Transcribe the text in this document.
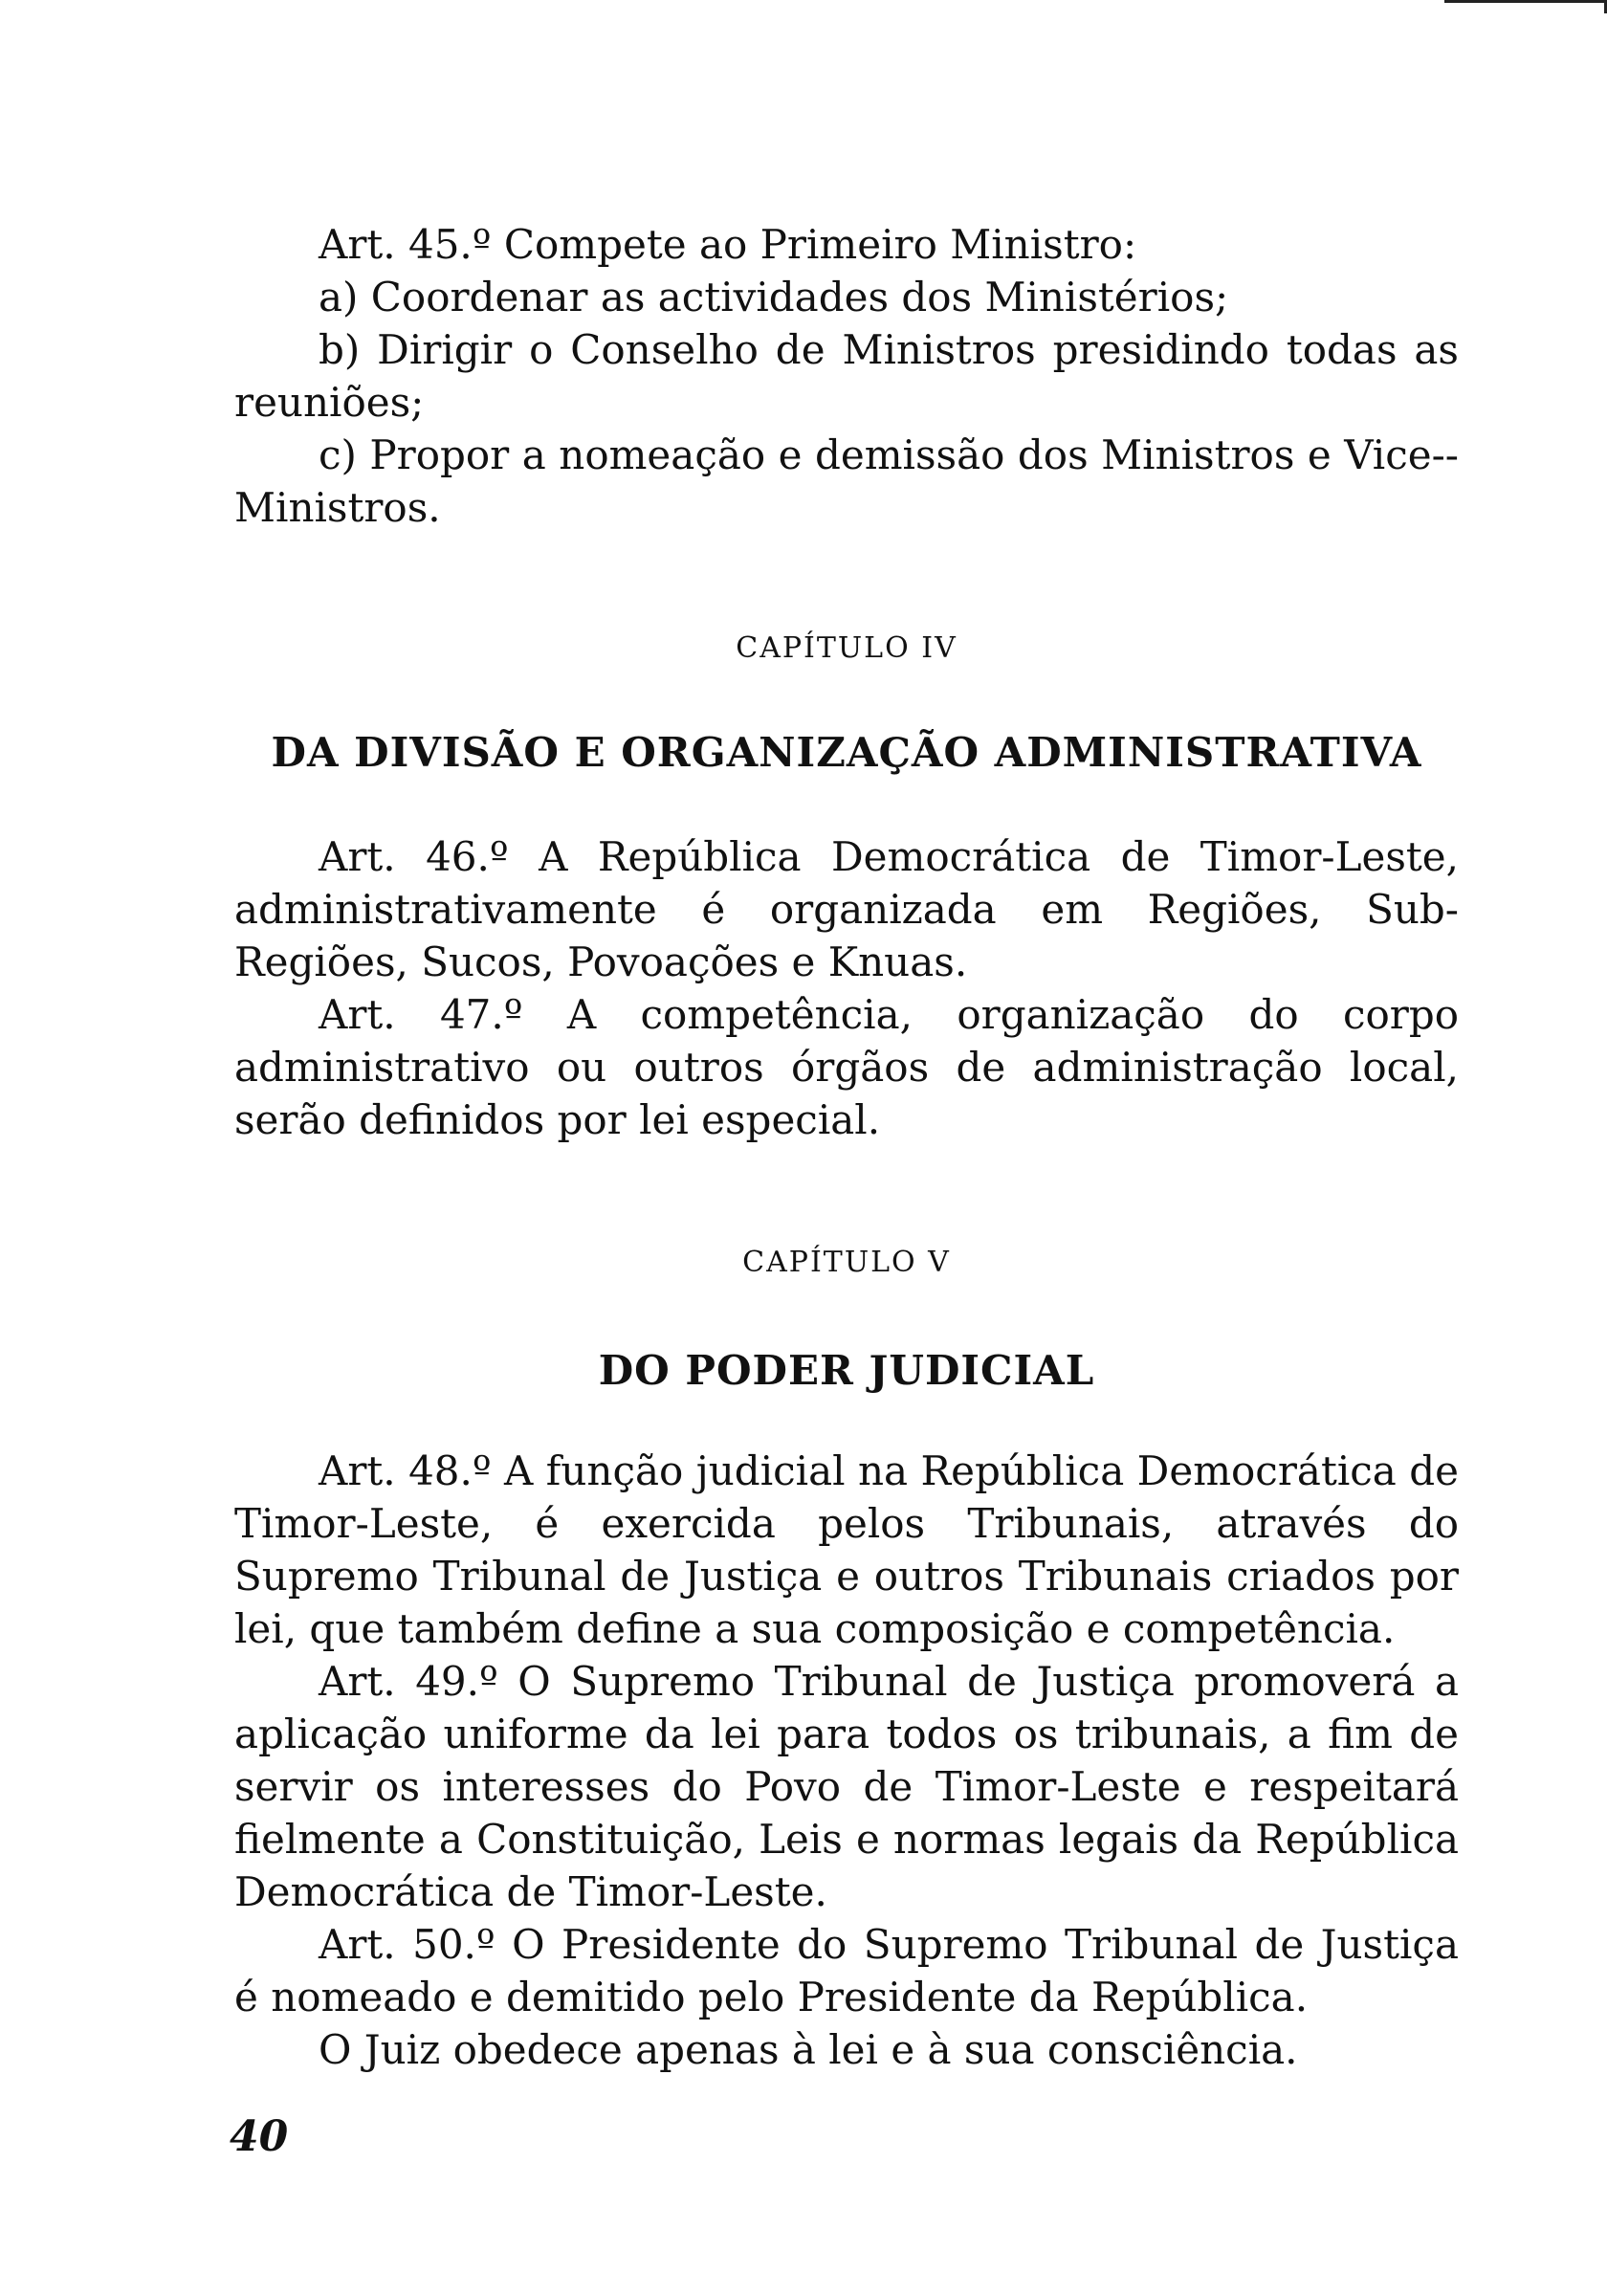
Art. 45.º Compete ao Primeiro Ministro:

a) Coordenar as actividades dos Ministérios;

b) Dirigir o Conselho de Ministros presidindo todas as reuniões;

c) Propor a nomeação e demissão dos Ministros e Vice--Ministros.

CAPÍTULO IV

DA DIVISÃO E ORGANIZAÇÃO ADMINISTRATIVA

Art. 46.º A República Democrática de Timor-Leste, administrativamente é organizada em Regiões, Sub-Regiões, Sucos, Povoações e Knuas.

Art. 47.º A competência, organização do corpo administrativo ou outros órgãos de administração local, serão definidos por lei especial.

CAPÍTULO V

DO PODER JUDICIAL

Art. 48.º A função judicial na República Democrática de Timor-Leste, é exercida pelos Tribunais, através do Supremo Tribunal de Justiça e outros Tribunais criados por lei, que também define a sua composição e competência.

Art. 49.º O Supremo Tribunal de Justiça promoverá a aplicação uniforme da lei para todos os tribunais, a fim de servir os interesses do Povo de Timor-Leste e respeitará fielmente a Constituição, Leis e normas legais da República Democrática de Timor-Leste.

Art. 50.º O Presidente do Supremo Tribunal de Justiça é nomeado e demitido pelo Presidente da República.

O Juiz obedece apenas à lei e à sua consciência.

40
